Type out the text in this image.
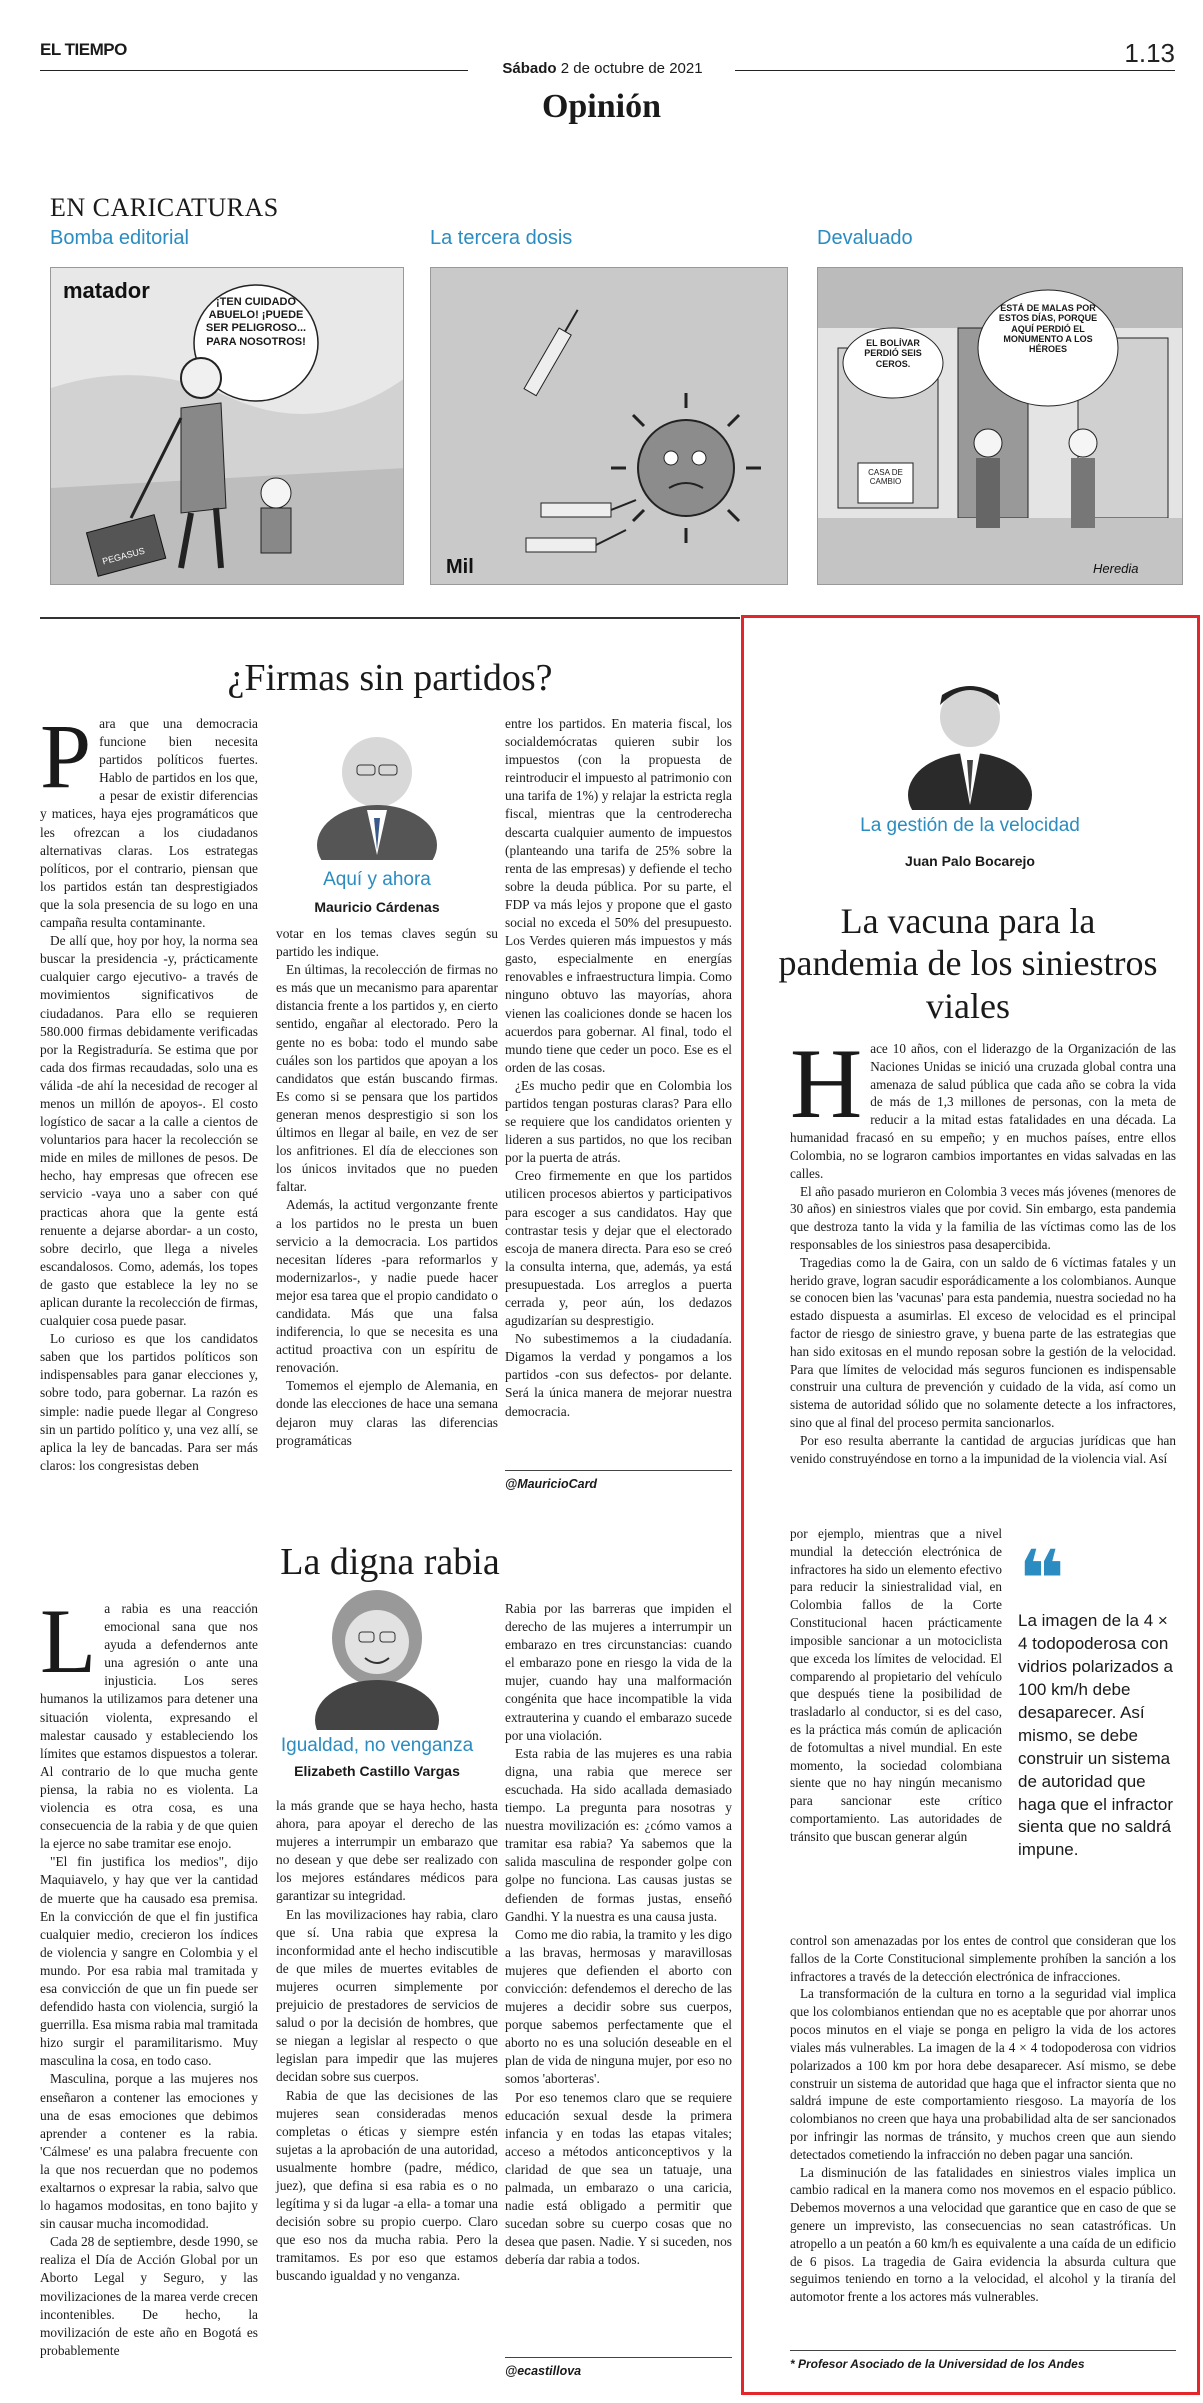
EL TIEMPO	1.13
Sábado 2 de octubre de 2021
Opinión
EN CARICATURAS
Bomba editorial
matador	¡TEN CUIDADO ABUELO! ¡PUEDE SER PELIGROSO... PARA NOSOTROS!
PEGASUS
La tercera dosis
Mil
Devaluado
EL BOLÍVAR PERDIÓ SEIS CEROS.
ESTÁ DE MALAS POR ESTOS DÍAS, PORQUE AQUÍ PERDIÓ EL MONUMENTO A LOS HÉROES
CASA DE CAMBIO
Heredia
¿Firmas sin partidos?
P ara que una democracia funcione bien necesita partidos políticos fuertes. Hablo de partidos en los que, a pesar de existir diferencias y matices, haya ejes programáticos que les ofrezcan a los ciudadanos alternativas claras. Los estrategas políticos, por el contrario, piensan que los partidos están tan desprestigiados que la sola presencia de su logo en una campaña resulta contaminante.

De allí que, hoy por hoy, la norma sea buscar la presidencia -y, prácticamente cualquier cargo ejecutivo- a través de movimientos significativos de ciudadanos. Para ello se requieren 580.000 firmas debidamente verificadas por la Registraduría. Se estima que por cada dos firmas recaudadas, solo una es válida -de ahí la necesidad de recoger al menos un millón de apoyos-. El costo logístico de sacar a la calle a cientos de voluntarios para hacer la recolección se mide en miles de millones de pesos. De hecho, hay empresas que ofrecen ese servicio -vaya uno a saber con qué practicas ahora que la gente está renuente a dejarse abordar- a un costo, sobre decirlo, que llega a niveles escandalosos. Como, además, los topes de gasto que establece la ley no se aplican durante la recolección de firmas, cualquier cosa puede pasar.

Lo curioso es que los candidatos saben que los partidos políticos son indispensables para ganar elecciones y, sobre todo, para gobernar. La razón es simple: nadie puede llegar al Congreso sin un partido político y, una vez allí, se aplica la ley de bancadas. Para ser más claros: los congresistas deben

Aquí y ahora
Mauricio Cárdenas

votar en los temas claves según su partido les indique.

En últimas, la recolección de firmas no es más que un mecanismo para aparentar distancia frente a los partidos y, en cierto sentido, engañar al electorado. Pero la gente no es boba: todo el mundo sabe cuáles son los partidos que apoyan a los candidatos que están buscando firmas. Es como si se pensara que los partidos generan menos desprestigio si son los últimos en llegar al baile, en vez de ser los anfitriones. El día de elecciones son los únicos invitados que no pueden faltar.

Además, la actitud vergonzante frente a los partidos no le presta un buen servicio a la democracia. Los partidos necesitan líderes -para reformarlos y modernizarlos-, y nadie puede hacer mejor esa tarea que el propio candidato o candidata. Más que una falsa indiferencia, lo que se necesita es una actitud proactiva con un espíritu de renovación.

Tomemos el ejemplo de Alemania, en donde las elecciones de hace una semana dejaron muy claras las diferencias programáticas

entre los partidos. En materia fiscal, los socialdemócratas quieren subir los impuestos (con la propuesta de reintroducir el impuesto al patrimonio con una tarifa de 1%) y relajar la estricta regla fiscal, mientras que la centroderecha descarta cualquier aumento de impuestos (planteando una tarifa de 25% sobre la renta de las empresas) y defiende el techo sobre la deuda pública. Por su parte, el FDP va más lejos y propone que el gasto social no exceda el 50% del presupuesto. Los Verdes quieren más impuestos y más gasto, especialmente en energías renovables e infraestructura limpia. Como ninguno obtuvo las mayorías, ahora vienen las coaliciones donde se hacen los acuerdos para gobernar. Al final, todo el mundo tiene que ceder un poco. Ese es el orden de las cosas.

¿Es mucho pedir que en Colombia los partidos tengan posturas claras? Para ello se requiere que los candidatos orienten y lideren a sus partidos, no que los reciban por la puerta de atrás.

Creo firmemente en que los partidos utilicen procesos abiertos y participativos para escoger a sus candidatos. Hay que contrastar tesis y dejar que el electorado escoja de manera directa. Para eso se creó la consulta interna, que, además, ya está presupuestada. Los arreglos a puerta cerrada y, peor aún, los dedazos agudizarían su desprestigio.

No subestimemos a la ciudadanía. Digamos la verdad y pongamos a los partidos -con sus defectos- por delante. Será la única manera de mejorar nuestra democracia.

@MauricioCard
La digna rabia
L a rabia es una reacción emocional sana que nos ayuda a defendernos ante una agresión o ante una injusticia. Los seres humanos la utilizamos para detener una situación violenta, expresando el malestar causado y estableciendo los límites que estamos dispuestos a tolerar. Al contrario de lo que mucha gente piensa, la rabia no es violenta. La violencia es otra cosa, es una consecuencia de la rabia y de que quien la ejerce no sabe tramitar ese enojo.

"El fin justifica los medios", dijo Maquiavelo, y hay que ver la cantidad de muerte que ha causado esa premisa. En la convicción de que el fin justifica cualquier medio, crecieron los índices de violencia y sangre en Colombia y el mundo. Por esa rabia mal tramitada y esa convicción de que un fin puede ser defendido hasta con violencia, surgió la guerrilla. Esa misma rabia mal tramitada hizo surgir el paramilitarismo. Muy masculina la cosa, en todo caso.

Masculina, porque a las mujeres nos enseñaron a contener las emociones y una de esas emociones que debimos aprender a contener es la rabia. 'Cálmese' es una palabra frecuente con la que nos recuerdan que no podemos exaltarnos o expresar la rabia, salvo que lo hagamos modositas, en tono bajito y sin causar mucha incomodidad.

Cada 28 de septiembre, desde 1990, se realiza el Día de Acción Global por un Aborto Legal y Seguro, y las movilizaciones de la marea verde crecen incontenibles. De hecho, la movilización de este año en Bogotá es probablemente

Igualdad, no venganza
Elizabeth Castillo Vargas

la más grande que se haya hecho, hasta ahora, para apoyar el derecho de las mujeres a interrumpir un embarazo que no desean y que debe ser realizado con los mejores estándares médicos para garantizar su integridad.

En las movilizaciones hay rabia, claro que sí. Una rabia que expresa la inconformidad ante el hecho indiscutible de que miles de muertes evitables de mujeres ocurren simplemente por prejuicio de prestadores de servicios de salud o por la decisión de hombres, que se niegan a legislar al respecto o que legislan para impedir que las mujeres decidan sobre sus cuerpos.

Rabia de que las decisiones de las mujeres sean consideradas menos completas o éticas y siempre estén sujetas a la aprobación de una autoridad, usualmente hombre (padre, médico, juez), que defina si esa rabia es o no legítima y si da lugar -a ella- a tomar una decisión sobre su propio cuerpo. Claro que eso nos da mucha rabia. Pero la tramitamos. Es por eso que estamos buscando igualdad y no venganza.

Rabia por las barreras que impiden el derecho de las mujeres a interrumpir un embarazo en tres circunstancias: cuando el embarazo pone en riesgo la vida de la mujer, cuando hay una malformación congénita que hace incompatible la vida extrauterina y cuando el embarazo sucede por una violación.

Esta rabia de las mujeres es una rabia digna, una rabia que merece ser escuchada. Ha sido acallada demasiado tiempo. La pregunta para nosotras y nuestra movilización es: ¿cómo vamos a tramitar esa rabia? Ya sabemos que la salida masculina de responder golpe con golpe no funciona. Las causas justas se defienden de formas justas, enseñó Gandhi. Y la nuestra es una causa justa.

Como me dio rabia, la tramito y les digo a las bravas, hermosas y maravillosas mujeres que defienden el aborto con convicción: defendemos el derecho de las mujeres a decidir sobre sus cuerpos, porque sabemos perfectamente que el aborto no es una solución deseable en el plan de vida de ninguna mujer, por eso no somos 'aborteras'.

Por eso tenemos claro que se requiere educación sexual desde la primera infancia y en todas las etapas vitales; acceso a métodos anticonceptivos y la claridad de que sea un tatuaje, una palmada, un embarazo o una caricia, nadie está obligado a permitir que sucedan sobre su cuerpo cosas que no desea que pasen. Nadie. Y si suceden, nos debería dar rabia a todos.

@ecastillova
La gestión de la velocidad
Juan Palo Bocarejo
La vacuna para la pandemia de los siniestros viales
H ace 10 años, con el liderazgo de la Organización de las Naciones Unidas se inició una cruzada global contra una amenaza de salud pública que cada año se cobra la vida de más de 1,3 millones de personas, con la meta de reducir a la mitad estas fatalidades en una década. La humanidad fracasó en su empeño; y en muchos países, entre ellos Colombia, no se lograron cambios importantes en vidas salvadas en las calles.

El año pasado murieron en Colombia 3 veces más jóvenes (menores de 30 años) en siniestros viales que por covid. Sin embargo, esta pandemia que destroza tanto la vida y la familia de las víctimas como las de los responsables de los siniestros pasa desapercibida.

Tragedias como la de Gaira, con un saldo de 6 víctimas fatales y un herido grave, logran sacudir esporádicamente a los colombianos. Aunque se conocen bien las 'vacunas' para esta pandemia, nuestra sociedad no ha estado dispuesta a asumirlas. El exceso de velocidad es el principal factor de riesgo de siniestro grave, y buena parte de las estrategias que han sido exitosas en el mundo reposan sobre la gestión de la velocidad. Para que límites de velocidad más seguros funcionen es indispensable construir una cultura de prevención y cuidado de la vida, así como un sistema de autoridad sólido que no solamente detecte a los infractores, sino que al final del proceso permita sancionarlos.

Por eso resulta aberrante la cantidad de argucias jurídicas que han venido construyéndose en torno a la impunidad de la violencia vial. Así

por ejemplo, mientras que a nivel mundial la detección electrónica de infractores ha sido un elemento efectivo para reducir la siniestralidad vial, en Colombia fallos de la Corte Constitucional hacen prácticamente imposible sancionar a un motociclista que exceda los límites de velocidad. El comparendo al propietario del vehículo que después tiene la posibilidad de trasladarlo al conductor, si es del caso, es la práctica más común de aplicación de fotomultas a nivel mundial. En este momento, la sociedad colombiana siente que no hay ningún mecanismo para sancionar este crítico comportamiento. Las autoridades de tránsito que buscan generar algún

❝
La imagen de la 4 × 4 todopoderosa con vidrios polarizados a 100 km/h debe desaparecer. Así mismo, se debe construir un sistema de autoridad que haga que el infractor sienta que no saldrá impune.

control son amenazadas por los entes de control que consideran que los fallos de la Corte Constitucional simplemente prohíben la sanción a los infractores a través de la detección electrónica de infracciones.

La transformación de la cultura en torno a la seguridad vial implica que los colombianos entiendan que no es aceptable que por ahorrar unos pocos minutos en el viaje se ponga en peligro la vida de los actores viales más vulnerables. La imagen de la 4 × 4 todopoderosa con vidrios polarizados a 100 km por hora debe desaparecer. Así mismo, se debe construir un sistema de autoridad que haga que el infractor sienta que no saldrá impune de este comportamiento riesgoso. La mayoría de los colombianos no creen que haya una probabilidad alta de ser sancionados por infringir las normas de tránsito, y muchos creen que aun siendo detectados cometiendo la infracción no deben pagar una sanción.

La disminución de las fatalidades en siniestros viales implica un cambio radical en la manera como nos movemos en el espacio público. Debemos movernos a una velocidad que garantice que en caso de que se genere un imprevisto, las consecuencias no sean catastróficas. Un atropello a un peatón a 60 km/h es equivalente a una caída de un edificio de 6 pisos. La tragedia de Gaira evidencia la absurda cultura que seguimos teniendo en torno a la velocidad, el alcohol y la tiranía del automotor frente a los actores más vulnerables.

* Profesor Asociado de la Universidad de los Andes
